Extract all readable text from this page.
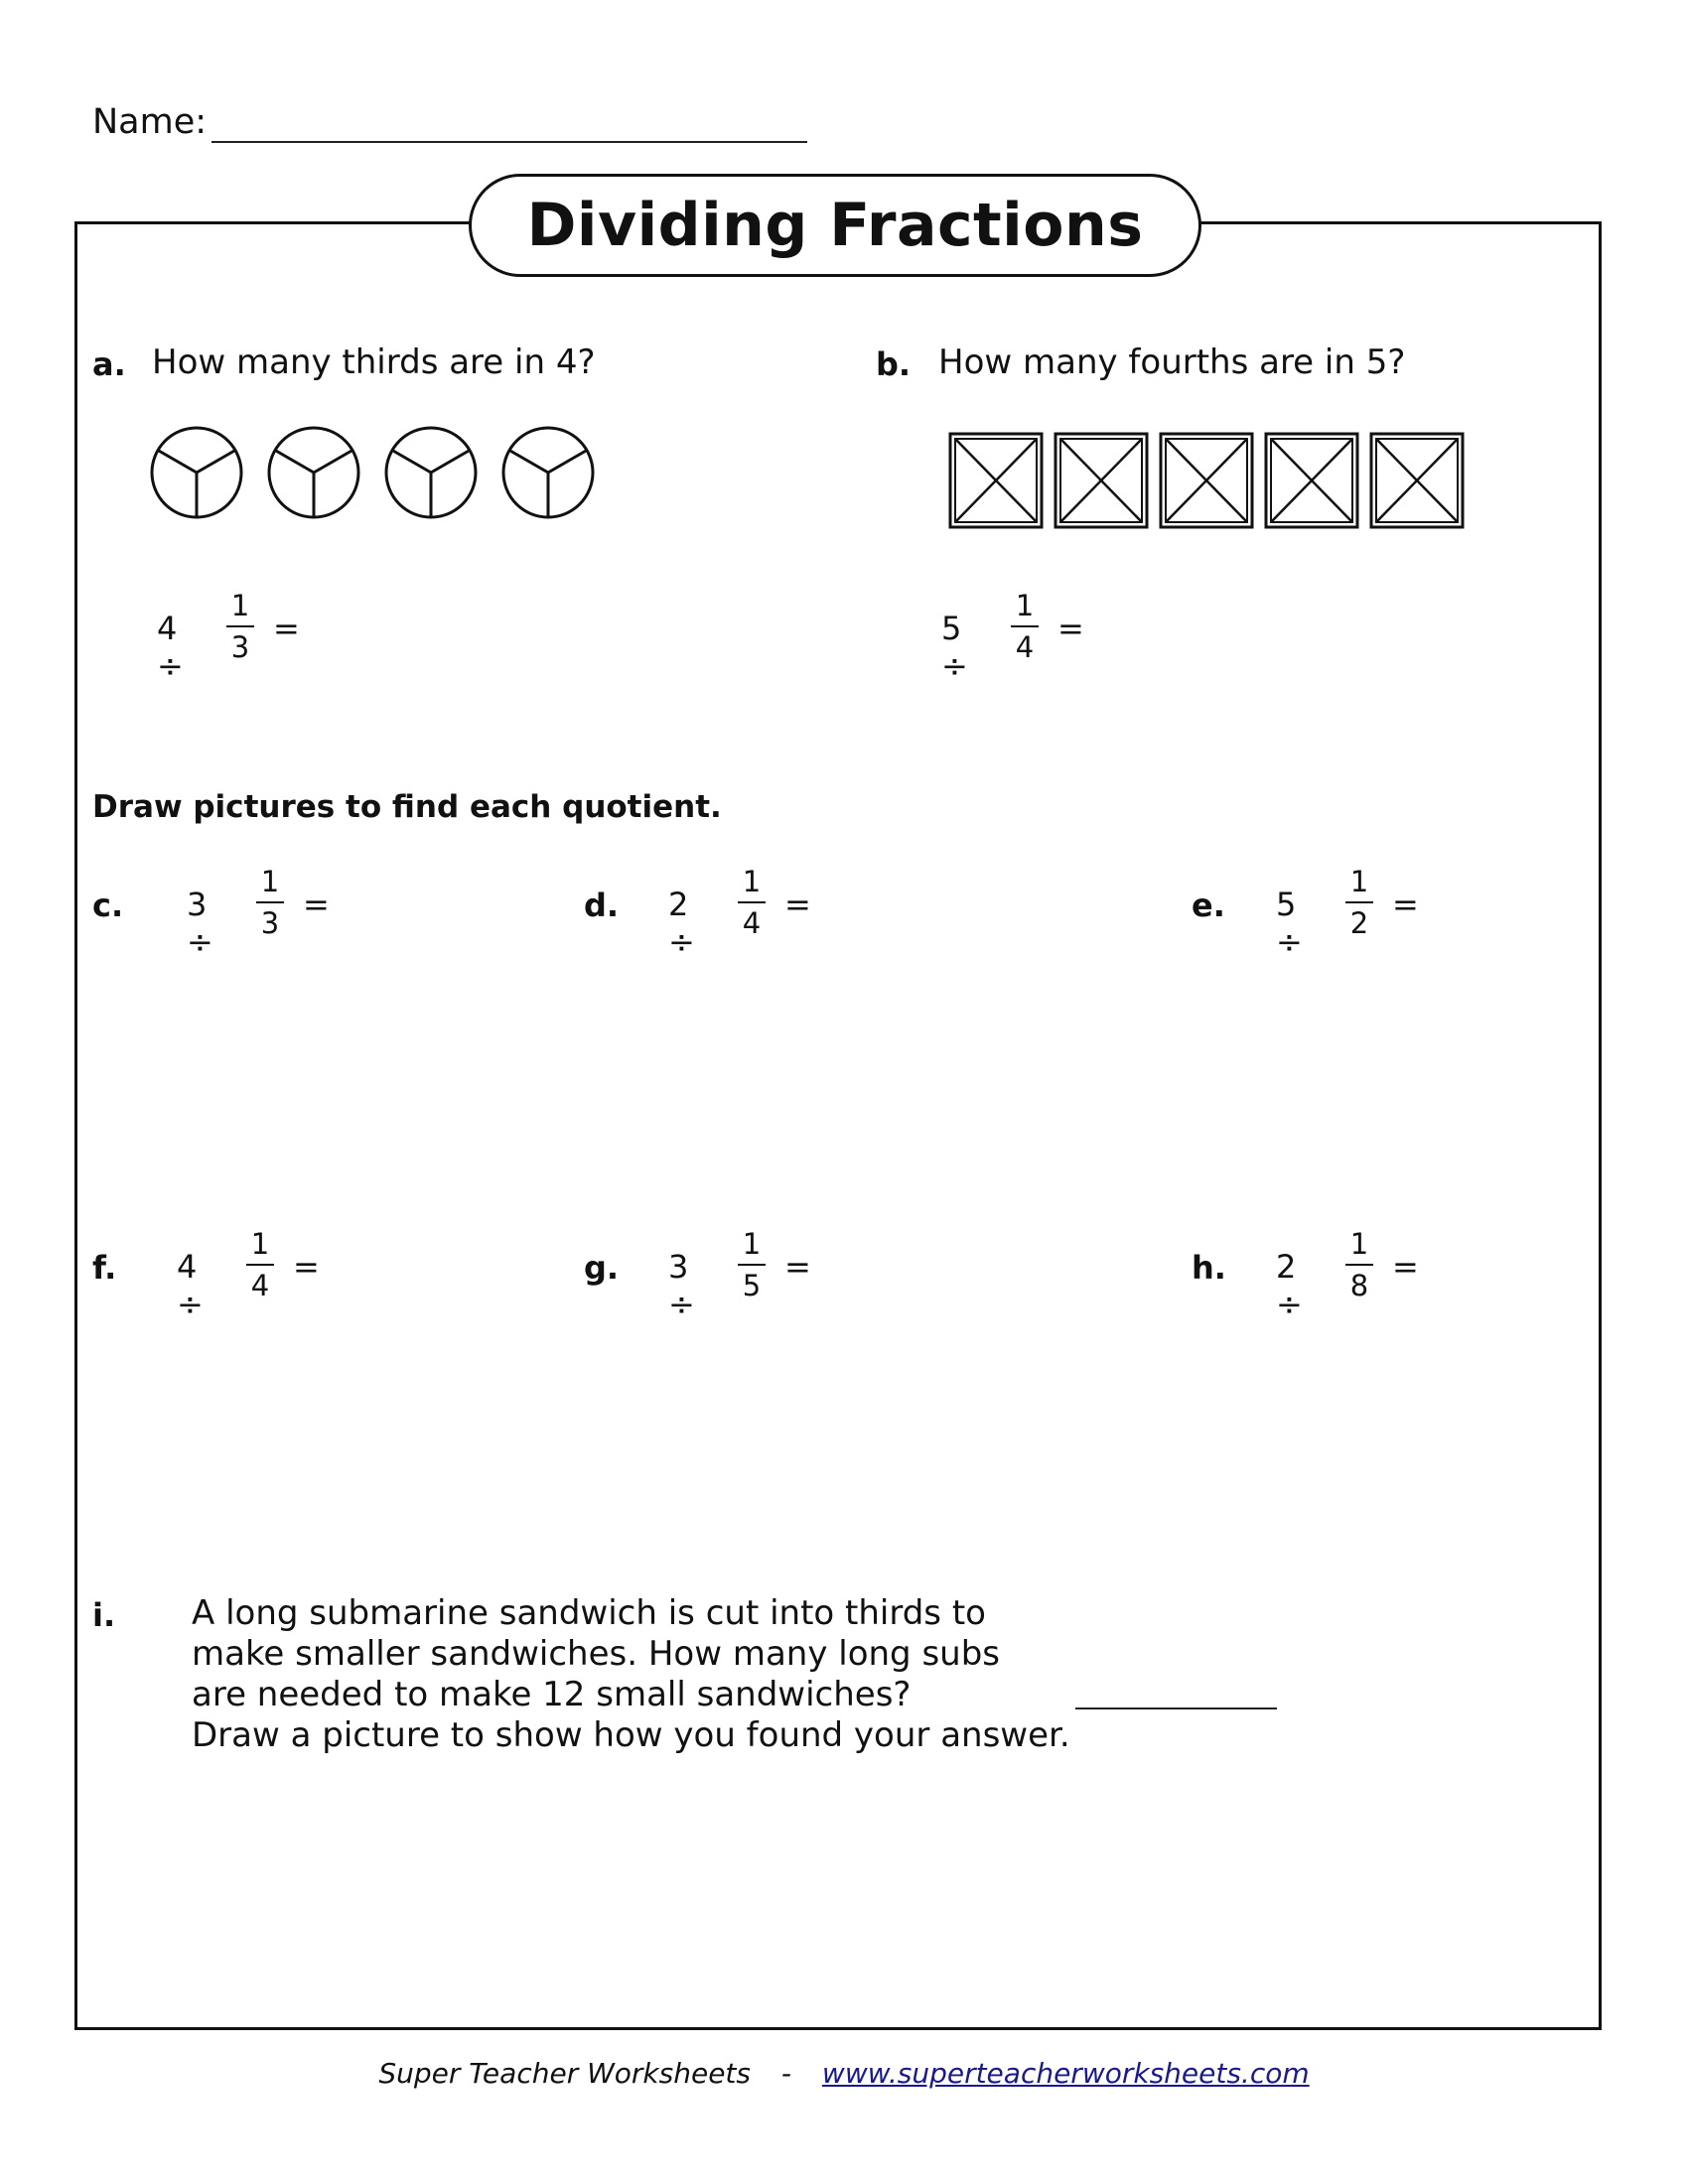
Name:
Dividing Fractions
a. How many thirds are in 4?
4 ÷
1
3 =
b. How many fourths are in 5?
5 ÷
1
4 =
Draw pictures to find each quotient.
c. 3 ÷
1
3 =	d. 2 ÷
1
4 =	e. 5 ÷
1
2 =
f. 4 ÷
1
4 =	g. 3 ÷
1
5 =	h. 2 ÷
1
8 =
i. A long submarine sandwich is cut into thirds to
make smaller sandwiches. How many long subs
are needed to make 12 small sandwiches?
Draw a picture to show how you found your answer.
Super Teacher Worksheets - www.superteacherworksheets.com
